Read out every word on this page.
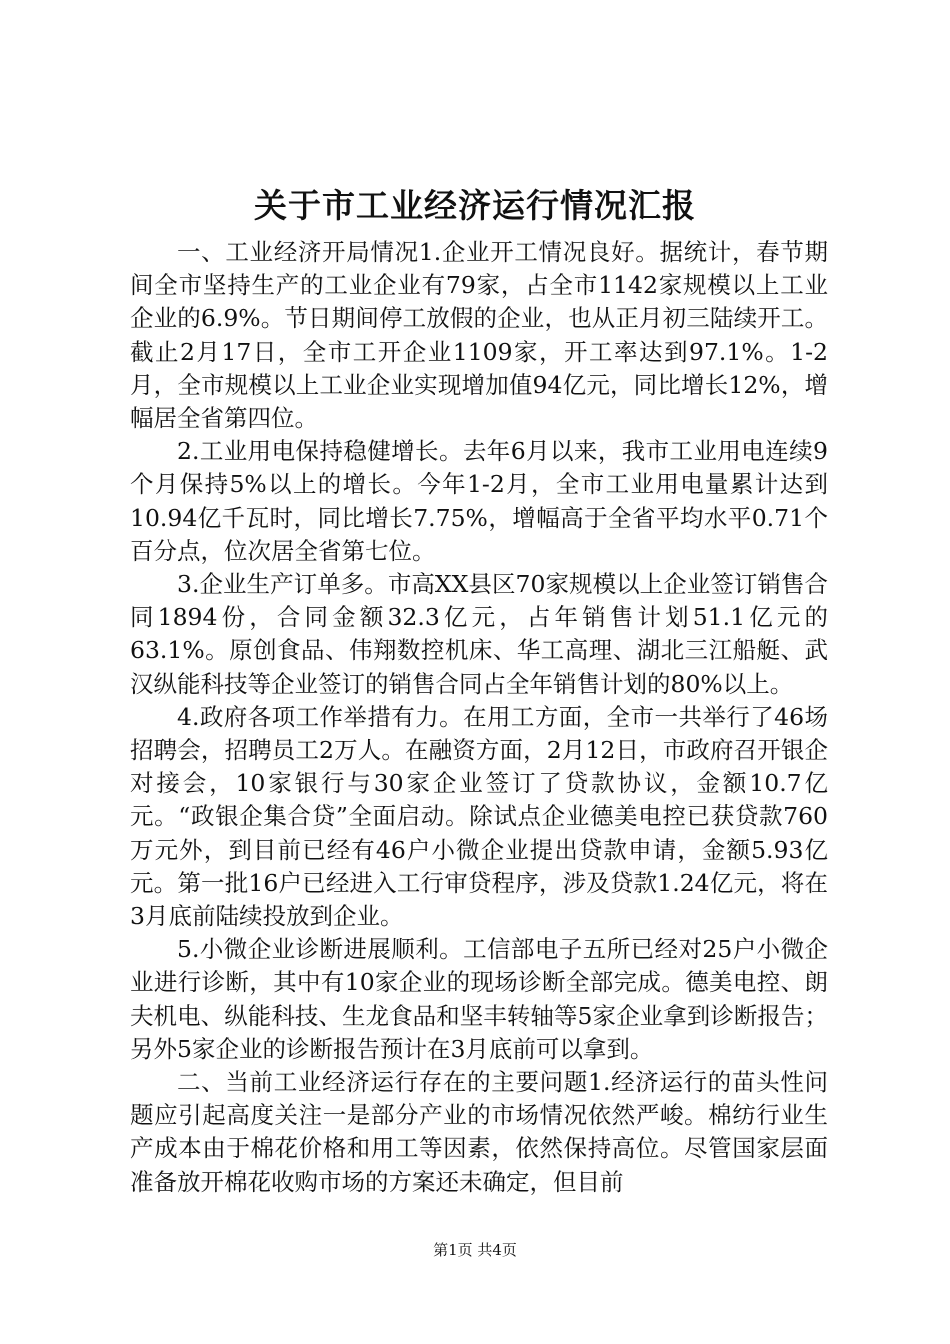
关于市工业经济运行情况汇报

一、工业经济开局情况1.企业开工情况良好。据统计，春节期间全市坚持生产的工业企业有79家，占全市1142家规模以上工业企业的6.9%。节日期间停工放假的企业，也从正月初三陆续开工。截止2月17日，全市工开企业1109家，开工率达到97.1%。1-2月，全市规模以上工业企业实现增加值94亿元，同比增长12%，增幅居全省第四位。

2.工业用电保持稳健增长。去年6月以来，我市工业用电连续9个月保持5%以上的增长。今年1-2月，全市工业用电量累计达到10.94亿千瓦时，同比增长7.75%，增幅高于全省平均水平0.71个百分点，位次居全省第七位。

3.企业生产订单多。市高XX县区70家规模以上企业签订销售合同1894份，合同金额32.3亿元，占年销售计划51.1亿元的63.1%。原创食品、伟翔数控机床、华工高理、湖北三江船艇、武汉纵能科技等企业签订的销售合同占全年销售计划的80%以上。

4.政府各项工作举措有力。在用工方面，全市一共举行了46场招聘会，招聘员工2万人。在融资方面，2月12日，市政府召开银企对接会，10家银行与30家企业签订了贷款协议，金额10.7亿元。“政银企集合贷”全面启动。除试点企业德美电控已获贷款760万元外，到目前已经有46户小微企业提出贷款申请，金额5.93亿元。第一批16户已经进入工行审贷程序，涉及贷款1.24亿元，将在3月底前陆续投放到企业。

5.小微企业诊断进展顺利。工信部电子五所已经对25户小微企业进行诊断，其中有10家企业的现场诊断全部完成。德美电控、朗夫机电、纵能科技、生龙食品和坚丰转轴等5家企业拿到诊断报告；另外5家企业的诊断报告预计在3月底前可以拿到。

二、当前工业经济运行存在的主要问题1.经济运行的苗头性问题应引起高度关注一是部分产业的市场情况依然严峻。棉纺行业生产成本由于棉花价格和用工等因素，依然保持高位。尽管国家层面准备放开棉花收购市场的方案还未确定，但目前

第1页 共4页
